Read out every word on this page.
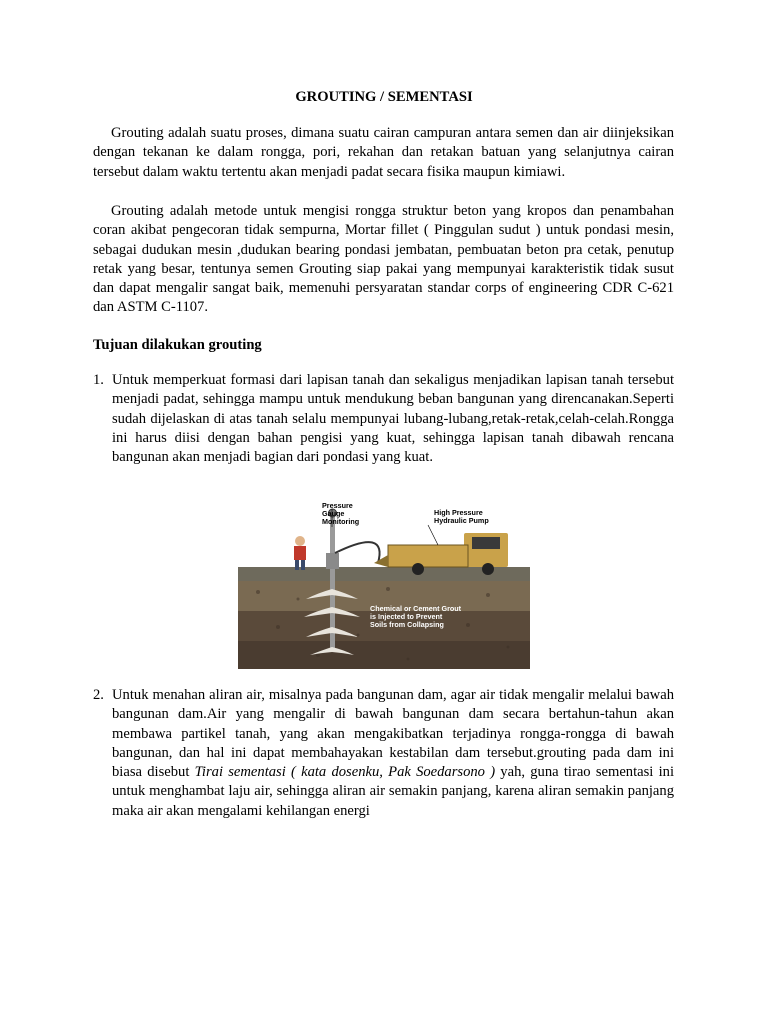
GROUTING / SEMENTASI

Grouting adalah suatu proses, dimana suatu cairan campuran antara semen dan air diinjeksikan dengan tekanan ke dalam rongga, pori, rekahan dan retakan batuan yang selanjutnya cairan tersebut dalam waktu tertentu akan menjadi padat secara fisika maupun kimiawi.

Grouting adalah metode untuk mengisi rongga struktur beton yang kropos dan penambahan coran akibat pengecoran tidak sempurna, Mortar fillet ( Pinggulan sudut ) untuk pondasi mesin, sebagai dudukan mesin ,dudukan bearing pondasi jembatan, pembuatan beton pra cetak, penutup retak yang besar, tentunya semen Grouting siap pakai yang mempunyai karakteristik tidak susut dan dapat mengalir sangat baik, memenuhi persyaratan standar corps of engineering CDR C-621 dan ASTM C-1107.

Tujuan dilakukan grouting
1. Untuk memperkuat formasi dari lapisan tanah dan sekaligus menjadikan lapisan tanah tersebut menjadi padat, sehingga mampu untuk mendukung beban bangunan yang direncanakan.Seperti sudah dijelaskan di atas tanah selalu mempunyai lubang-lubang,retak-retak,celah-celah.Rongga ini harus diisi dengan bahan pengisi yang kuat, sehingga lapisan tanah dibawah rencana bangunan akan menjadi bagian dari pondasi yang kuat.
Pressure
Gauge
Monitoring
High Pressure
Hydraulic Pump
Chemical or Cement Grout
is Injected to Prevent
Soils from Collapsing
2. Untuk menahan aliran air, misalnya pada bangunan dam, agar air tidak mengalir melalui bawah bangunan dam.Air yang mengalir di bawah bangunan dam secara bertahun-tahun akan membawa partikel tanah, yang akan mengakibatkan terjadinya rongga-rongga di bawah bangunan, dan hal ini dapat membahayakan kestabilan dam tersebut.grouting pada dam ini biasa disebut Tirai sementasi ( kata dosenku, Pak Soedarsono ) yah, guna tirao sementasi ini untuk menghambat laju air, sehingga aliran air semakin panjang, karena aliran semakin panjang maka air akan mengalami kehilangan energi
